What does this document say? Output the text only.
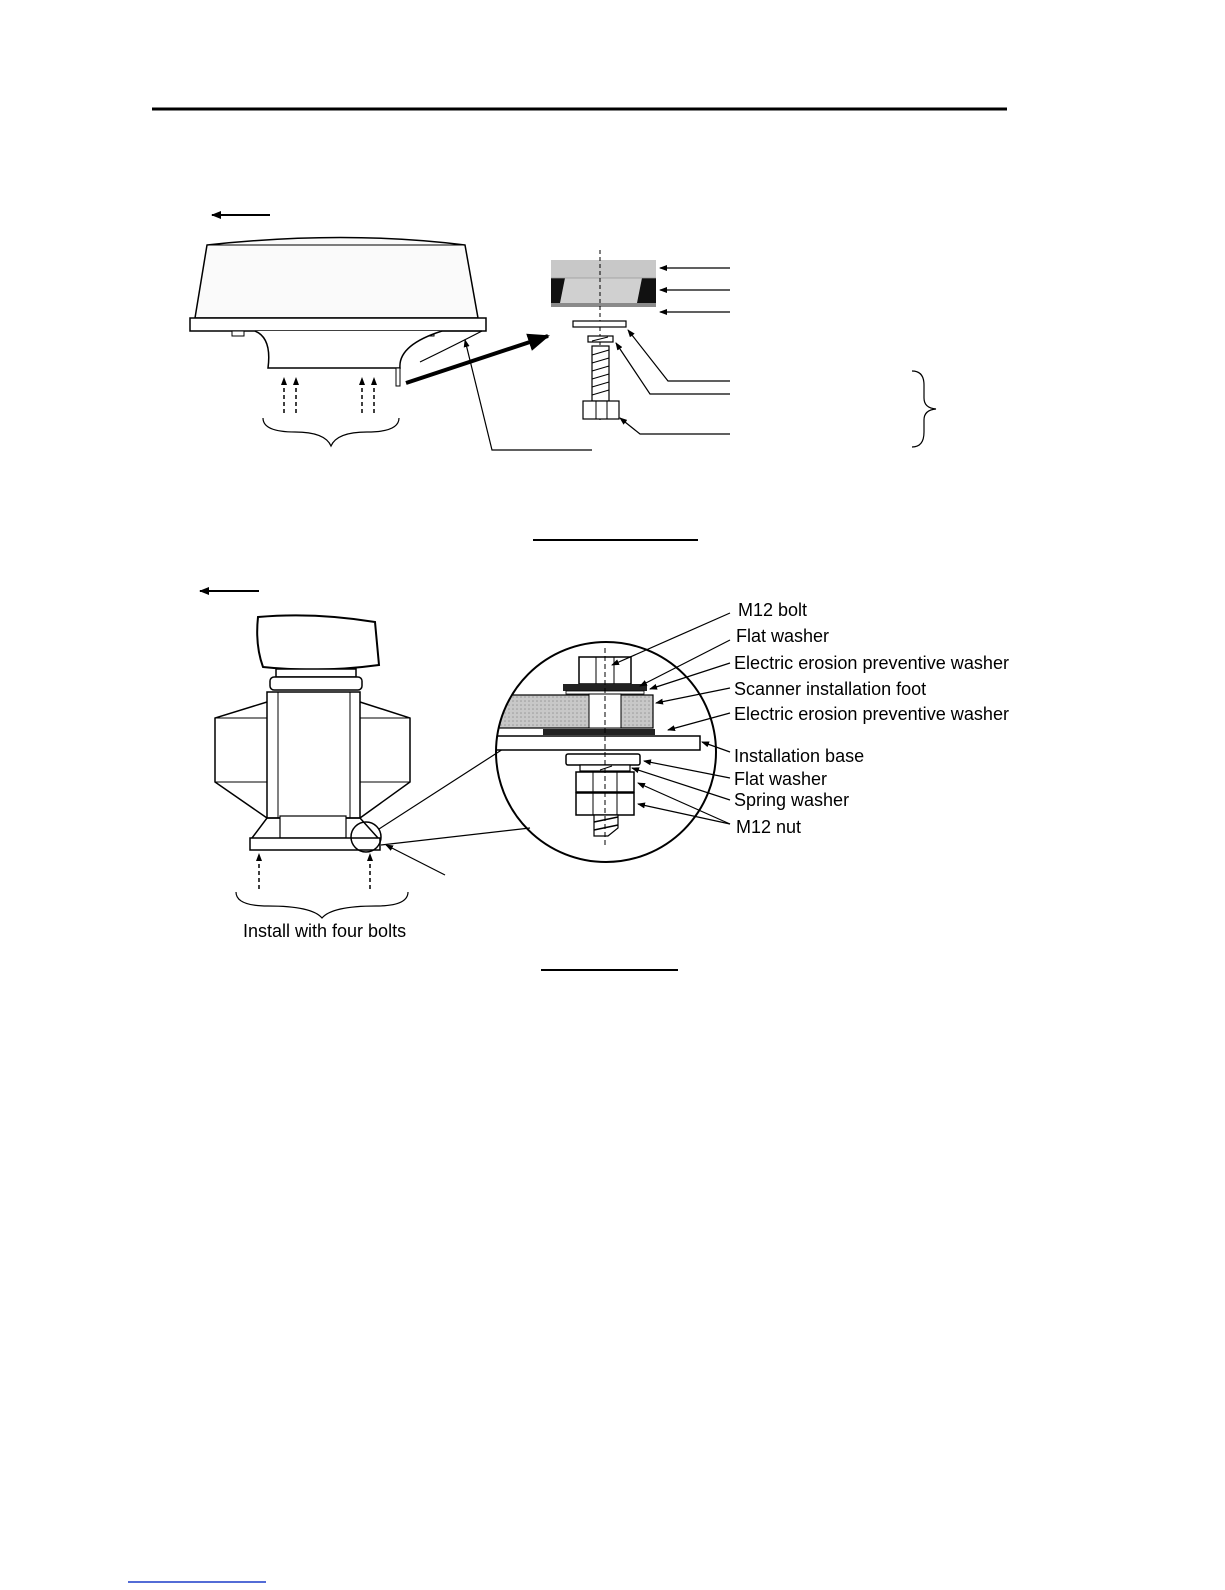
Install with four bolts
M12 bolt
Flat washer
Electric erosion preventive washer
Scanner installation foot
Electric erosion preventive washer
Installation base
Flat washer
Spring washer
M12 nut
